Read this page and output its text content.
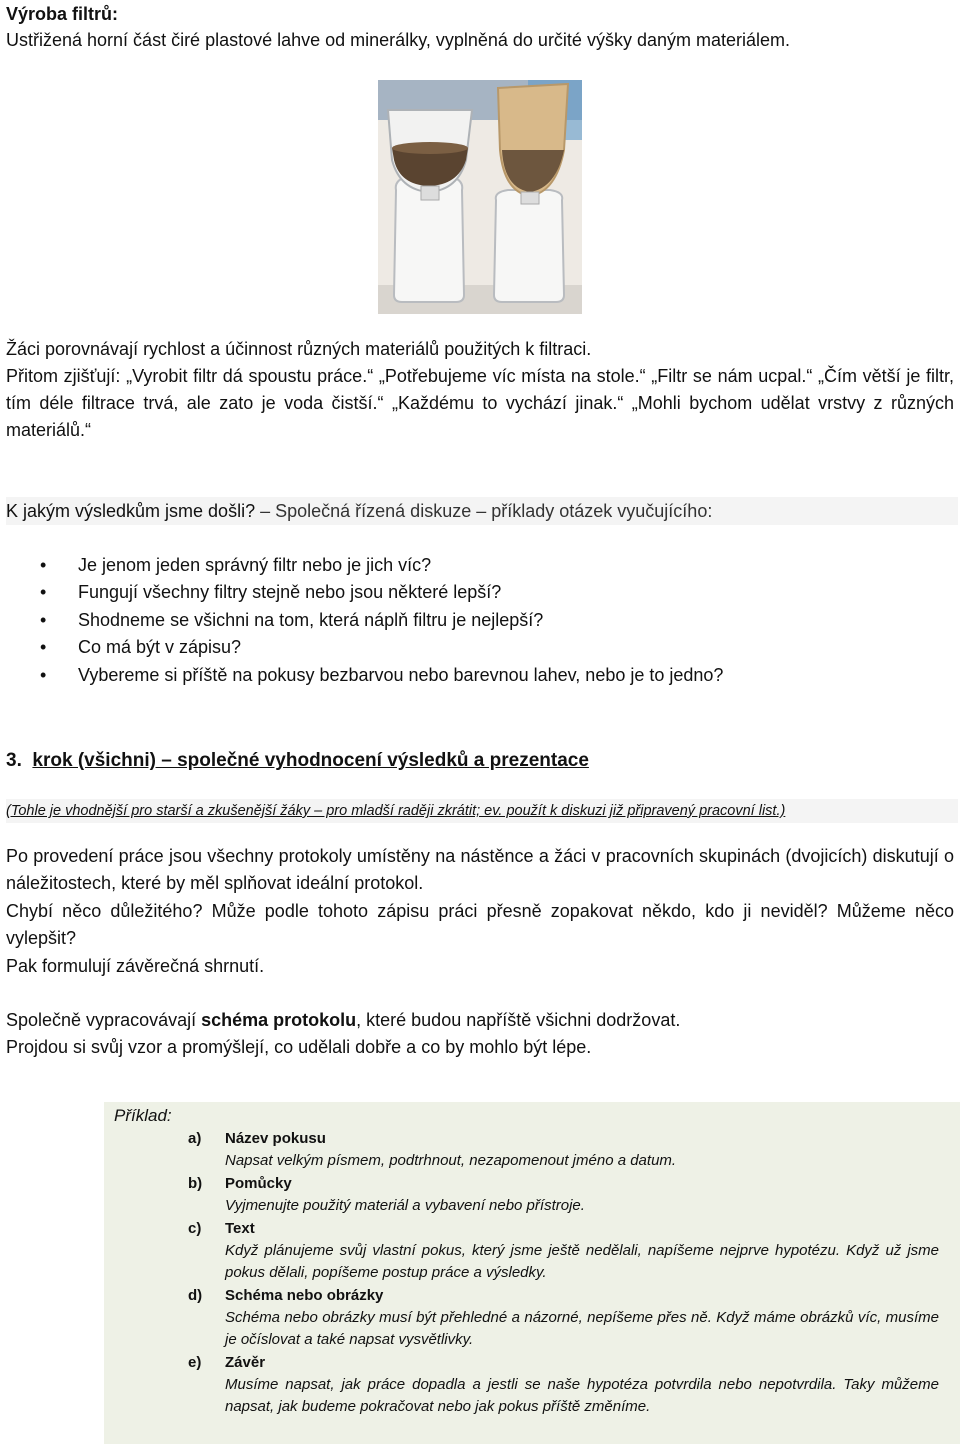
Výroba filtrů:
Ustřižená horní část čiré plastové lahve od minerálky, vyplněná do určité výšky daným materiálem.
Žáci porovnávají rychlost a účinnost různých materiálů použitých k filtraci.
Přitom zjišťují: „Vyrobit filtr dá spoustu práce.“ „Potřebujeme víc místa na stole.“ „Filtr se nám ucpal.“ „Čím větší je filtr, tím déle filtrace trvá, ale zato je voda čistší.“ „Každému to vychází jinak.“ „Mohli bychom udělat vrstvy z různých materiálů.“
K jakým výsledkům jsme došli? – Společná řízená diskuze – příklady otázek vyučujícího:
• Je jenom jeden správný filtr nebo je jich víc?
• Fungují všechny filtry stejně nebo jsou některé lepší?
• Shodneme se všichni na tom, která náplň filtru je nejlepší?
• Co má být v zápisu?
• Vybereme si příště na pokusy bezbarvou nebo barevnou lahev, nebo je to jedno?
3. krok (všichni) – společné vyhodnocení výsledků a prezentace
(Tohle je vhodnější pro starší a zkušenější žáky – pro mladší raději zkrátit; ev. použít k diskuzi již připravený pracovní list.)
Po provedení práce jsou všechny protokoly umístěny na nástěnce a žáci v pracovních skupinách (dvojicích) diskutují o náležitostech, které by měl splňovat ideální protokol.
Chybí něco důležitého? Může podle tohoto zápisu práci přesně zopakovat někdo, kdo ji neviděl? Můžeme něco vylepšit?
Pak formulují závěrečná shrnutí.
Společně vypracovávají schéma protokolu, které budou napříště všichni dodržovat.
Projdou si svůj vzor a promýšlejí, co udělali dobře a co by mohlo být lépe.
Příklad:
a) Název pokusu
Napsat velkým písmem, podtrhnout, nezapomenout jméno a datum.
b) Pomůcky
Vyjmenujte použitý materiál a vybavení nebo přístroje.
c) Text
Když plánujeme svůj vlastní pokus, který jsme ještě nedělali, napíšeme nejprve hypotézu. Když už jsme pokus dělali, popíšeme postup práce a výsledky.
d) Schéma nebo obrázky
Schéma nebo obrázky musí být přehledné a názorné, nepíšeme přes ně. Když máme obrázků víc, musíme je očíslovat a také napsat vysvětlivky.
e) Závěr
Musíme napsat, jak práce dopadla a jestli se naše hypotéza potvrdila nebo nepotvrdila. Taky můžeme napsat, jak budeme pokračovat nebo jak pokus příště změníme.
